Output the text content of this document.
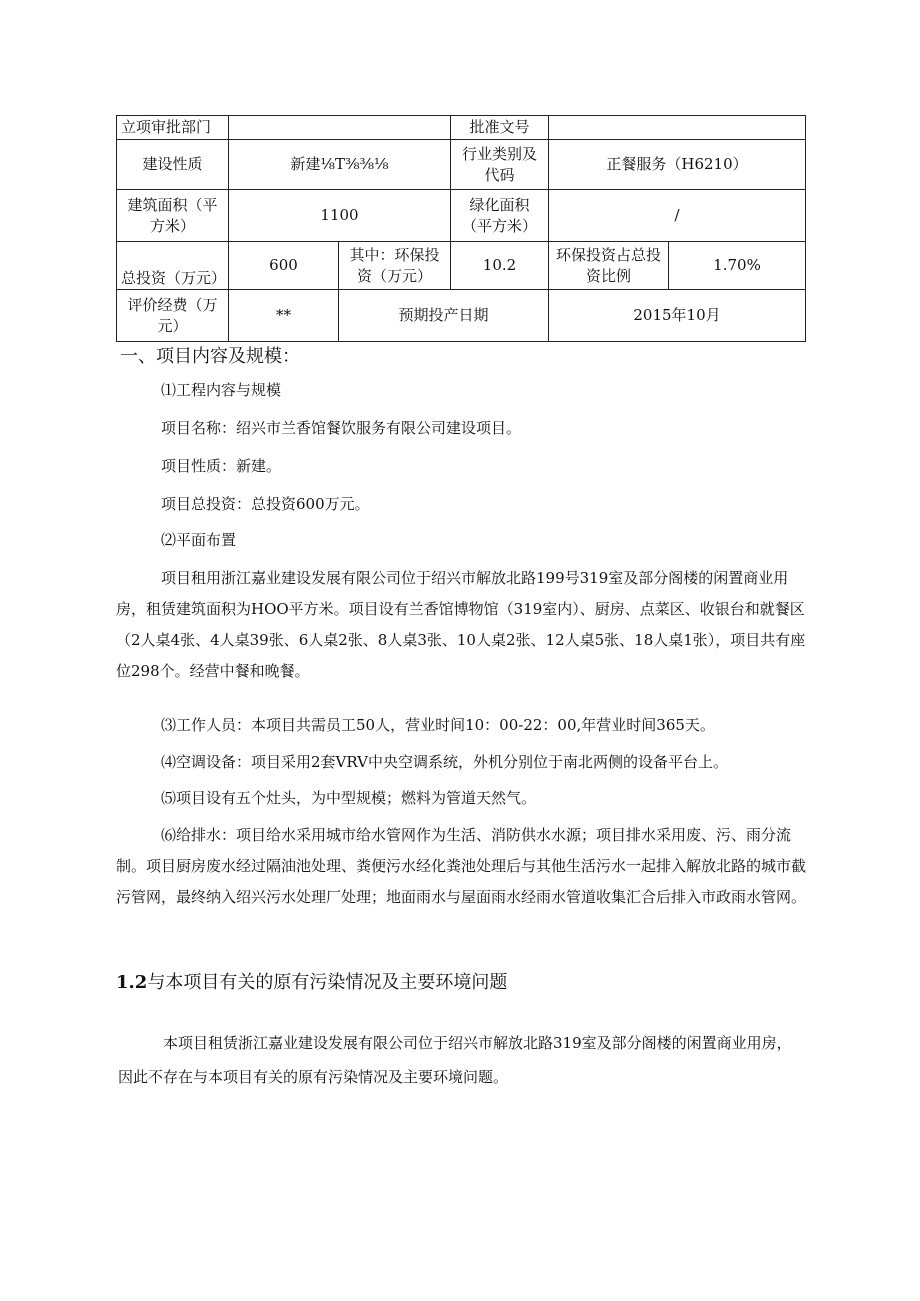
立项审批部门			批准文号		
建设性质	新建⅛T⅜⅜⅛		行业类别及代码	正餐服务（H6210）	
建筑面积（平方米）	1100		绿化面积（平方米）	/	
总投资（万元）	600	其中：环保投资（万元）	10.2	环保投资占总投资比例	1.70%
评价经费（万元）	**	预期投产日期		2015年10月	
一、项目内容及规模：

⑴工程内容与规模

项目名称：绍兴市兰香馆餐饮服务有限公司建设项目。

项目性质：新建。

项目总投资：总投资600万元。

⑵平面布置

项目租用浙江嘉业建设发展有限公司位于绍兴市解放北路199号319室及部分阁楼的闲置商业用房，租赁建筑面积为HOO平方米。项目设有兰香馆博物馆（319室内）、厨房、点菜区、收银台和就餐区（2人桌4张、4人桌39张、6人桌2张、8人桌3张、10人桌2张、12人桌5张、18人桌1张），项目共有座位298个。经营中餐和晚餐。

⑶工作人员：本项目共需员工50人，营业时间10：00-22：00,年营业时间365天。

⑷空调设备：项目采用2套VRV中央空调系统，外机分别位于南北两侧的设备平台上。

⑸项目设有五个灶头，为中型规模；燃料为管道天然气。

⑹给排水：项目给水采用城市给水管网作为生活、消防供水水源；项目排水采用废、污、雨分流制。项目厨房废水经过隔油池处理、粪便污水经化粪池处理后与其他生活污水一起排入解放北路的城市截污管网，最终纳入绍兴污水处理厂处理；地面雨水与屋面雨水经雨水管道收集汇合后排入市政雨水管网。

1.2与本项目有关的原有污染情况及主要环境问题

本项目租赁浙江嘉业建设发展有限公司位于绍兴市解放北路319室及部分阁楼的闲置商业用房，因此不存在与本项目有关的原有污染情况及主要环境问题。
